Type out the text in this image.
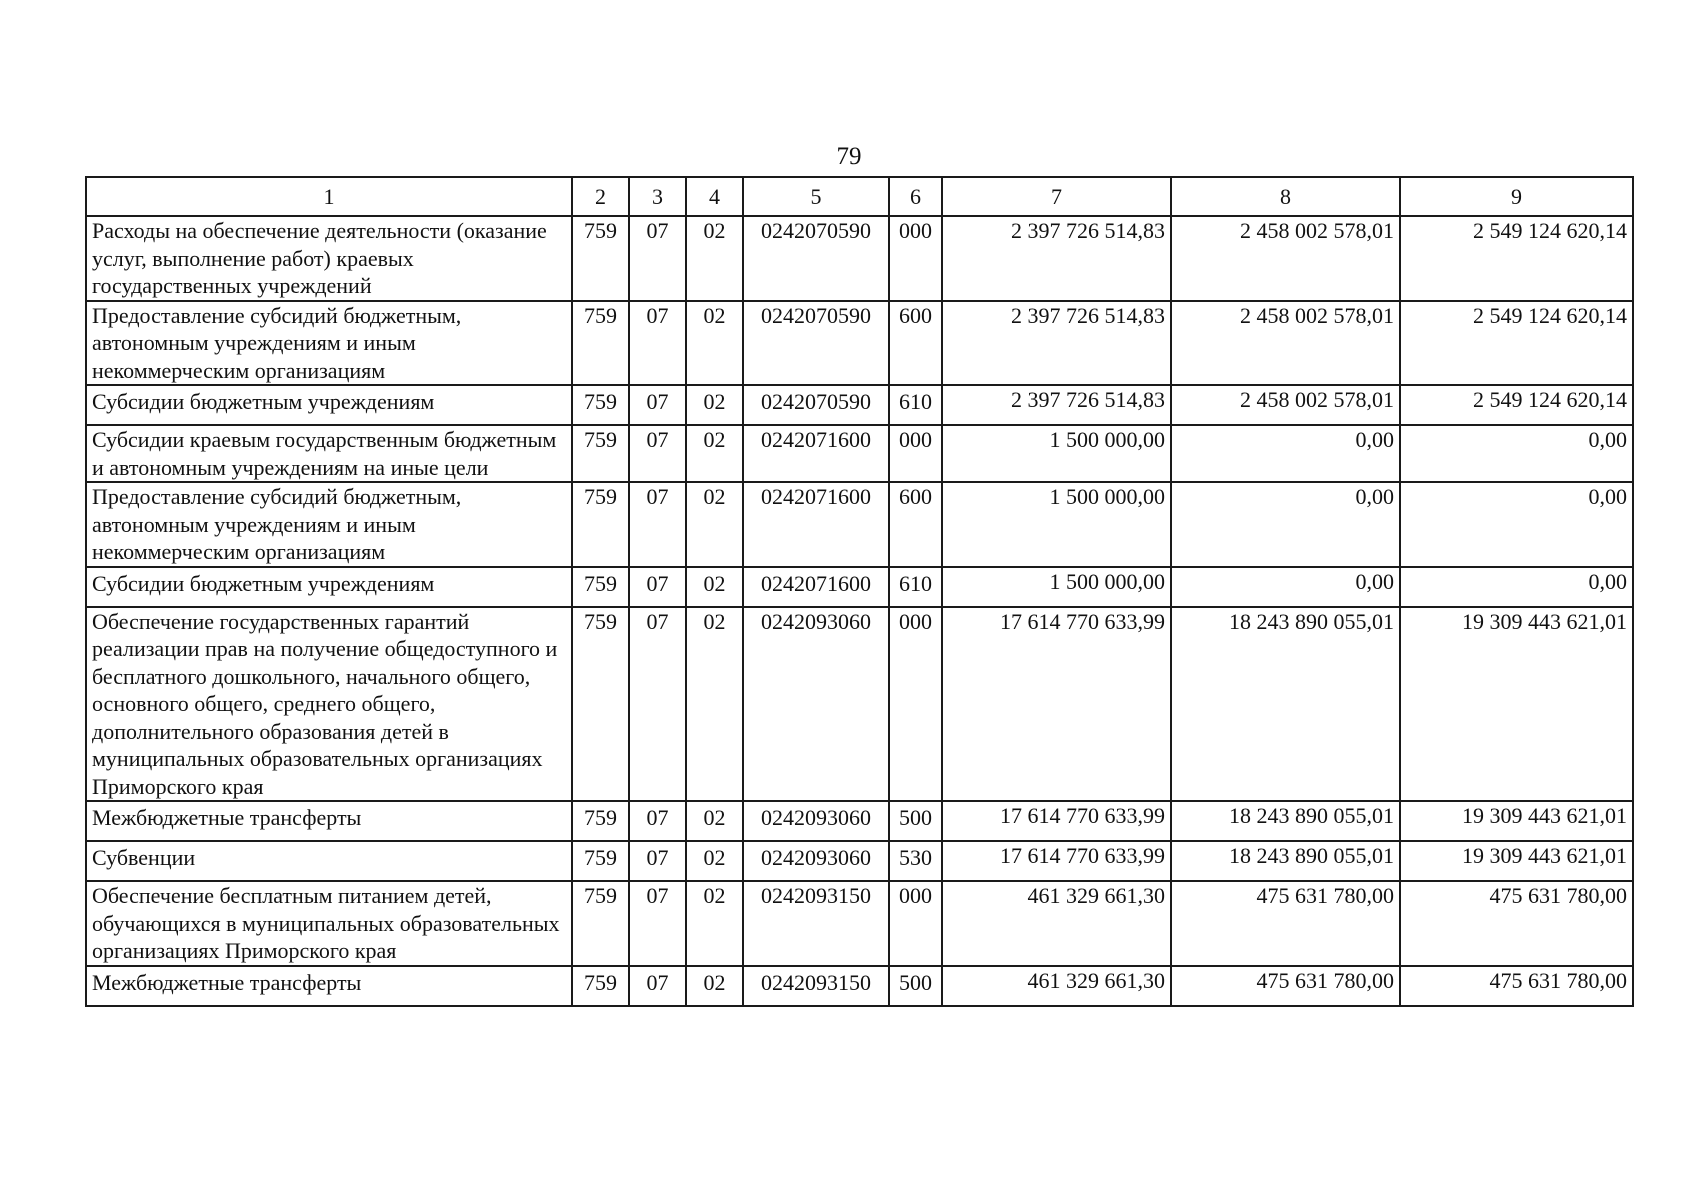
79
1	2	3	4	5	6	7	8	9
Расходы на обеспечение деятельности (оказание услуг, выполнение работ) краевых государственных учреждений	759	07	02	0242070590	000	2 397 726 514,83	2 458 002 578,01	2 549 124 620,14
Предоставление субсидий бюджетным, автономным учреждениям и иным некоммерческим организациям	759	07	02	0242070590	600	2 397 726 514,83	2 458 002 578,01	2 549 124 620,14
Субсидии бюджетным учреждениям	759	07	02	0242070590	610	2 397 726 514,83	2 458 002 578,01	2 549 124 620,14
Субсидии краевым государственным бюджетным и автономным учреждениям на иные цели	759	07	02	0242071600	000	1 500 000,00	0,00	0,00
Предоставление субсидий бюджетным, автономным учреждениям и иным некоммерческим организациям	759	07	02	0242071600	600	1 500 000,00	0,00	0,00
Субсидии бюджетным учреждениям	759	07	02	0242071600	610	1 500 000,00	0,00	0,00
Обеспечение государственных гарантий реализации прав на получение общедоступного и бесплатного дошкольного, начального общего, основного общего, среднего общего, дополнительного образования детей в муниципальных образовательных организациях Приморского края	759	07	02	0242093060	000	17 614 770 633,99	18 243 890 055,01	19 309 443 621,01
Межбюджетные трансферты	759	07	02	0242093060	500	17 614 770 633,99	18 243 890 055,01	19 309 443 621,01
Субвенции	759	07	02	0242093060	530	17 614 770 633,99	18 243 890 055,01	19 309 443 621,01
Обеспечение бесплатным питанием детей, обучающихся в муниципальных образовательных организациях Приморского края	759	07	02	0242093150	000	461 329 661,30	475 631 780,00	475 631 780,00
Межбюджетные трансферты	759	07	02	0242093150	500	461 329 661,30	475 631 780,00	475 631 780,00
